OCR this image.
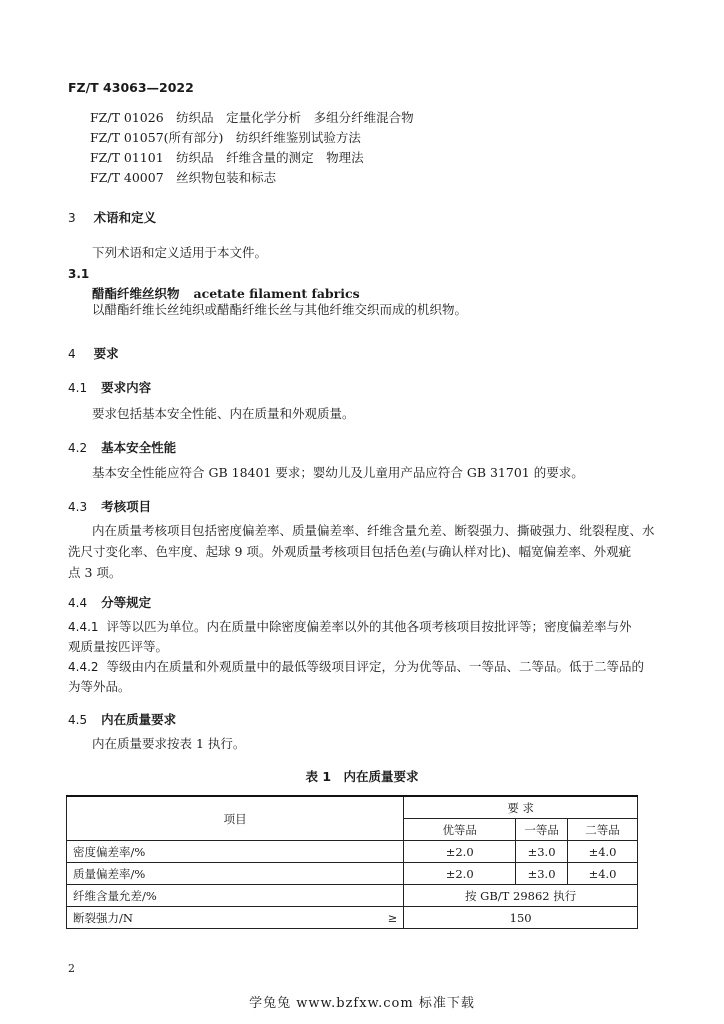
FZ/T 43063—2022
FZ/T 01026　 纺织品　定量化学分析　多组分纤维混合物
FZ/T 01057(所有部分)　 纺织纤维鉴别试验方法
FZ/T 01101　 纺织品　纤维含量的测定　物理法
FZ/T 40007　 丝织物包装和标志
3 术语和定义
下列术语和定义适用于本文件。
3.1
醋酯纤维丝织物 acetate filament fabrics
以醋酯纤维长丝纯织或醋酯纤维长丝与其他纤维交织而成的机织物。
4 要求
4.1 要求内容
要求包括基本安全性能、内在质量和外观质量。
4.2 基本安全性能
基本安全性能应符合 GB 18401 要求；婴幼儿及儿童用产品应符合 GB 31701 的要求。
4.3 考核项目
内在质量考核项目包括密度偏差率、质量偏差率、纤维含量允差、断裂强力、撕破强力、纰裂程度、水
洗尺寸变化率、色牢度、起球 9 项。外观质量考核项目包括色差(与确认样对比)、幅宽偏差率、外观疵
点 3 项。
4.4 分等规定
4.4.1 评等以匹为单位。内在质量中除密度偏差率以外的其他各项考核项目按批评等；密度偏差率与外
观质量按匹评等。
4.4.2 等级由内在质量和外观质量中的最低等级项目评定，分为优等品、一等品、二等品。低于二等品的
为等外品。
4.5 内在质量要求
内在质量要求按表 1 执行。
表 1　内在质量要求
项目		要 求		
		优等品	一等品	二等品
密度偏差率/%		±2.0	±3.0	±4.0
质量偏差率/%		±2.0	±3.0	±4.0
纤维含量允差/%		按 GB/T 29862 执行		
断裂强力/N	≥	150		
2
学兔兔 www.bzfxw.com 标准下载
